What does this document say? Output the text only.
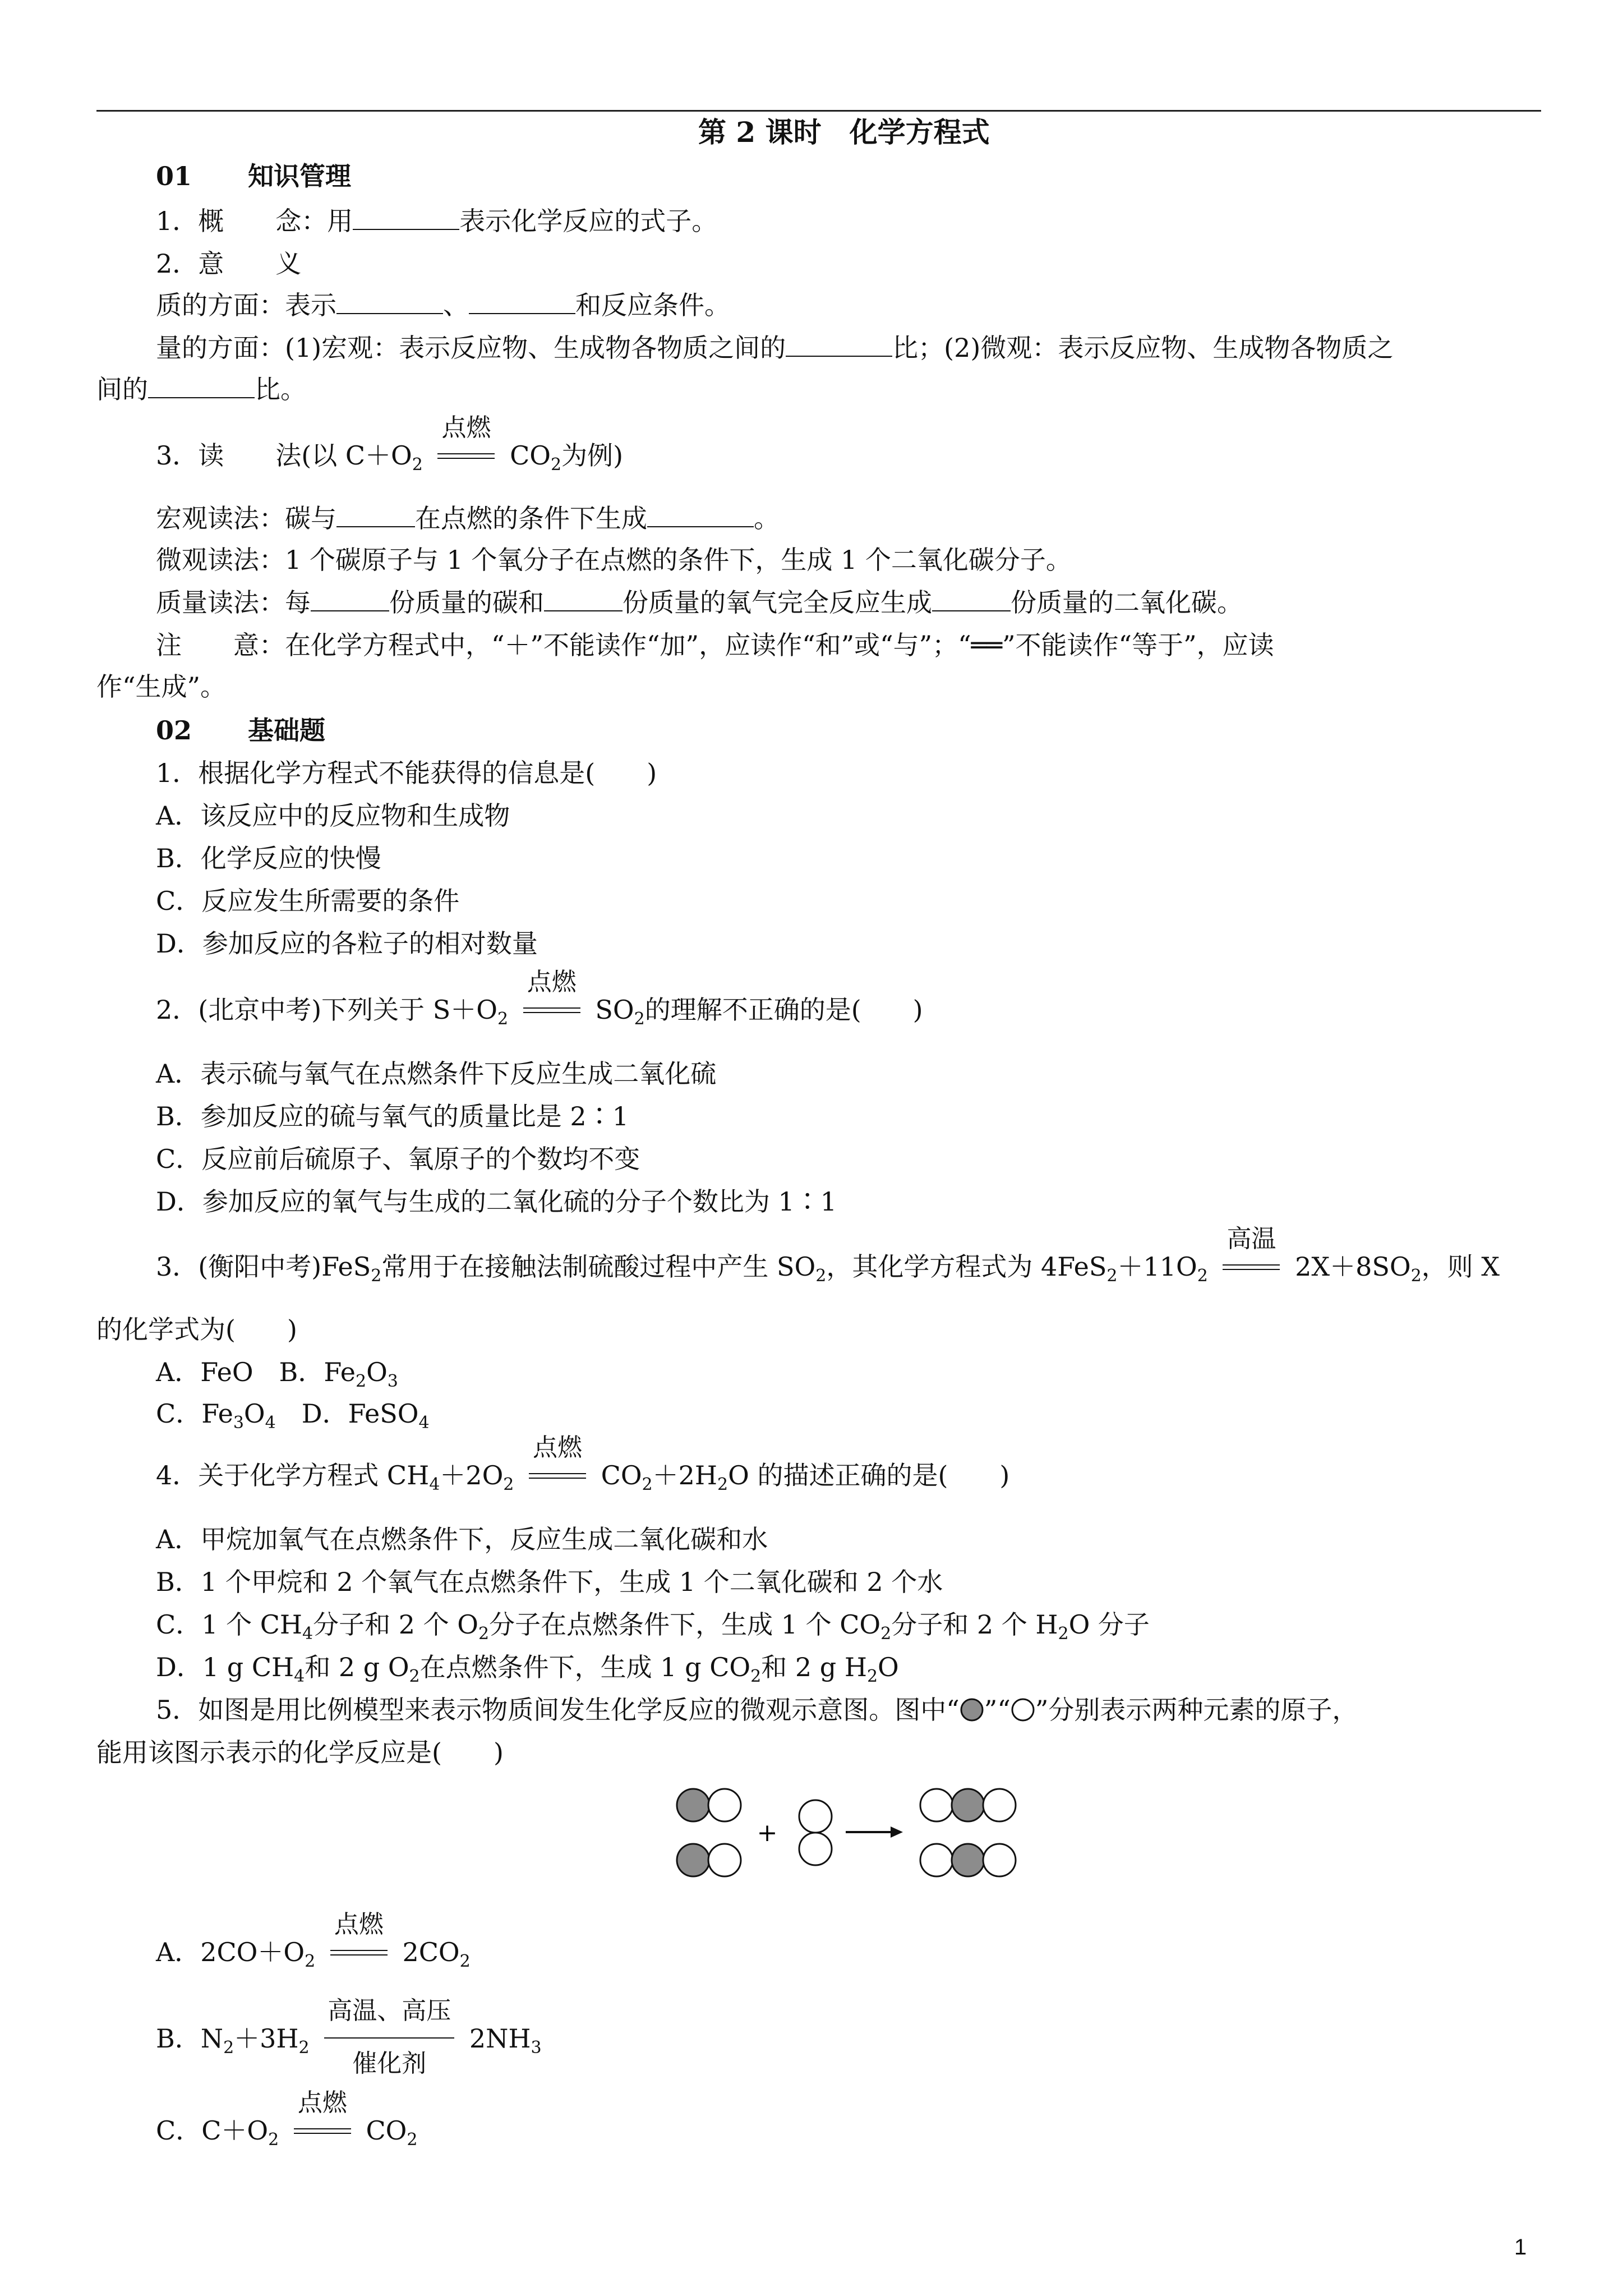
第 2 课时　化学方程式
01 知识管理
1．概　　念：用	表示化学反应的式子。
2．意　　义
质的方面：表示	、	和反应条件。
量的方面：(1)宏观：表示反应物、生成物各物质之间的	比；(2)微观：表示反应物、生成物各物质之
间的	比。
3．读　　法(以 $C+O_2$
点燃
$CO_2$为例)
宏观读法：碳与	在点燃的条件下生成	。
微观读法：1 个碳原子与 1 个氧分子在点燃的条件下，生成 1 个二氧化碳分子。
质量读法：每	份质量的碳和	份质量的氧气完全反应生成	份质量的二氧化碳。
注　　意：在化学方程式中，“＋”不能读作“加”，应读作“和”或“与”；“══”不能读作“等于”，应读
作“生成”。
02 基础题
1．根据化学方程式不能获得的信息是(　　)
A．该反应中的反应物和生成物
B．化学反应的快慢
C．反应发生所需要的条件
D．参加反应的各粒子的相对数量
2．(北京中考)下列关于 $S+O_2$
点燃
$SO_2$的理解不正确的是(　　)
A．表示硫与氧气在点燃条件下反应生成二氧化硫
B．参加反应的硫与氧气的质量比是 2∶1
C．反应前后硫原子、氧原子的个数均不变
D．参加反应的氧气与生成的二氧化硫的分子个数比为 1∶1
3．(衡阳中考)FeS$_2$常用于在接触法制硫酸过程中产生 $SO_2$，其化学方程式为 $4FeS_2+11O_2$
高温
$2X+8SO_2$，则 X
的化学式为(　　)
A．FeO　B．$Fe_2O_3$
C．$Fe_3O_4$　D．FeSO$_4$
4．关于化学方程式 $CH_4+2O_2$
点燃
$CO_2+2H_2O$ 的描述正确的是(　　)
A．甲烷加氧气在点燃条件下，反应生成二氧化碳和水
B．1 个甲烷和 2 个氧气在点燃条件下，生成 1 个二氧化碳和 2 个水
C．1 个 $CH_4$分子和 2 个 $O_2$分子在点燃条件下，生成 1 个 $CO_2$分子和 2 个 $H_2O$ 分子
D．1 g $CH_4$和 2 g $O_2$在点燃条件下，生成 1 g $CO_2$和 2 g $H_2O$
5．如图是用比例模型来表示物质间发生化学反应的微观示意图。图中“ ”“ ”分别表示两种元素的原子，
能用该图示表示的化学反应是(　　)
+
A．$2CO+O_2$
点燃
$2CO_2$
B．$N_2+3H_2$
高温、高压
催化剂
$2NH_3$
C．$C+O_2$
点燃
$CO_2$
1
